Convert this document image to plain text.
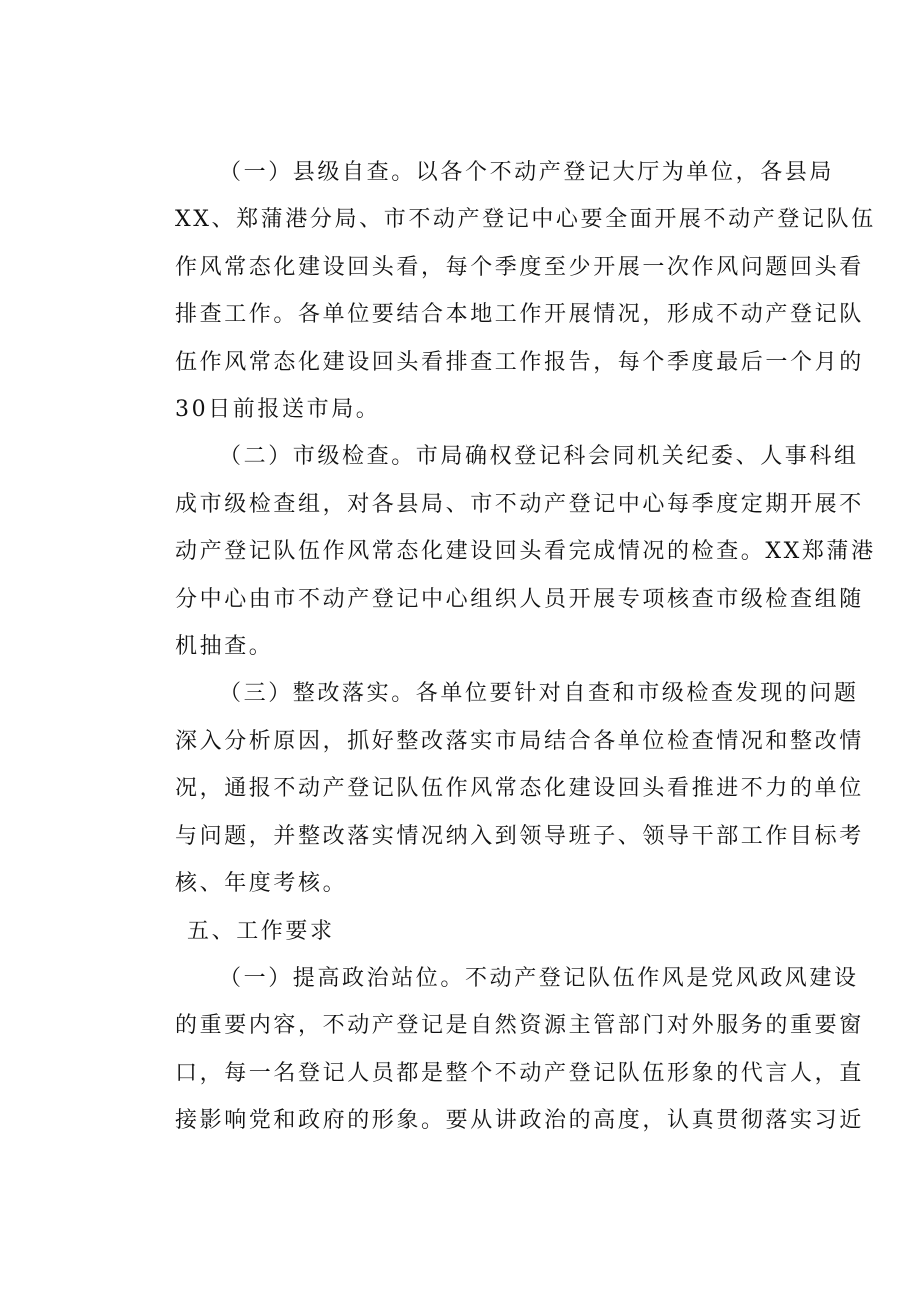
（一）县级自查。以各个不动产登记大厅为单位，各县局
XX、郑蒲港分局、市不动产登记中心要全面开展不动产登记队伍
作风常态化建设回头看，每个季度至少开展一次作风问题回头看
排查工作。各单位要结合本地工作开展情况，形成不动产登记队
伍作风常态化建设回头看排查工作报告，每个季度最后一个月的
30日前报送市局。
（二）市级检查。市局确权登记科会同机关纪委、人事科组
成市级检查组，对各县局、市不动产登记中心每季度定期开展不
动产登记队伍作风常态化建设回头看完成情况的检查。XX郑蒲港
分中心由市不动产登记中心组织人员开展专项核查市级检查组随
机抽查。
（三）整改落实。各单位要针对自查和市级检查发现的问题
深入分析原因，抓好整改落实市局结合各单位检查情况和整改情
况，通报不动产登记队伍作风常态化建设回头看推进不力的单位
与问题，并整改落实情况纳入到领导班子、领导干部工作目标考
核、年度考核。
五、工作要求
（一）提高政治站位。不动产登记队伍作风是党风政风建设
的重要内容，不动产登记是自然资源主管部门对外服务的重要窗
口，每一名登记人员都是整个不动产登记队伍形象的代言人，直
接影响党和政府的形象。要从讲政治的高度，认真贯彻落实习近
